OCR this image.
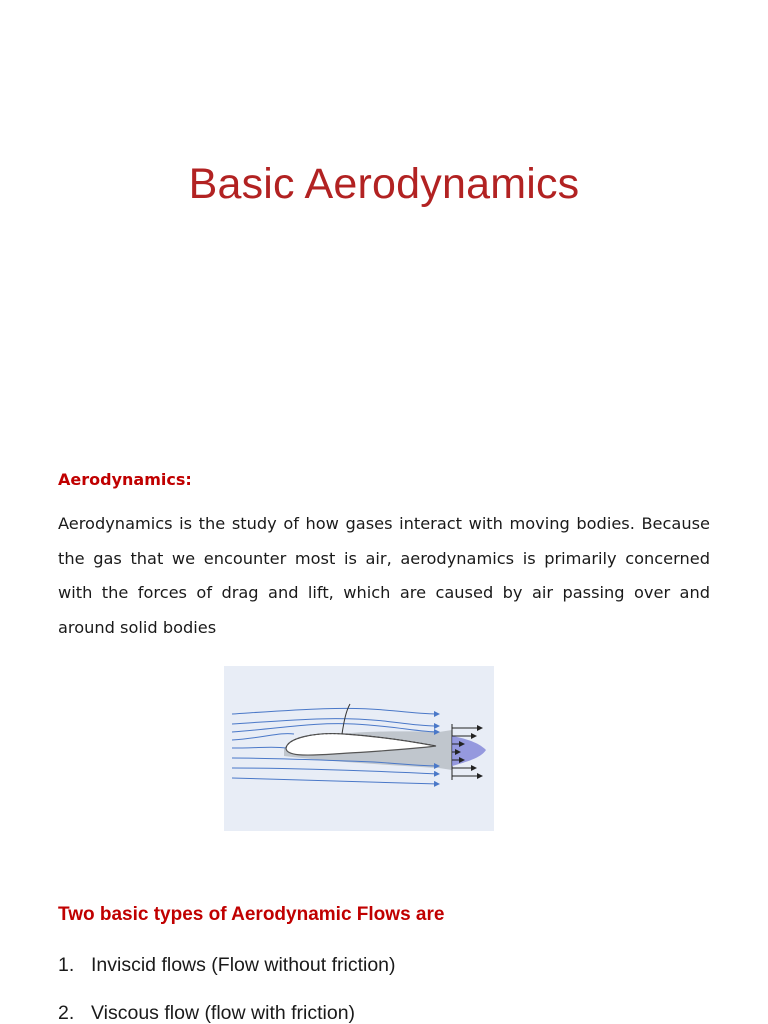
Basic Aerodynamics
Aerodynamics:
Aerodynamics is the study of how gases interact with moving bodies. Because the gas that we encounter most is air, aerodynamics is primarily concerned with the forces of drag and lift, which are caused by air passing over and around solid bodies
Two basic types of Aerodynamic Flows are
1. Inviscid flows (Flow without friction)
2. Viscous flow (flow with friction)
